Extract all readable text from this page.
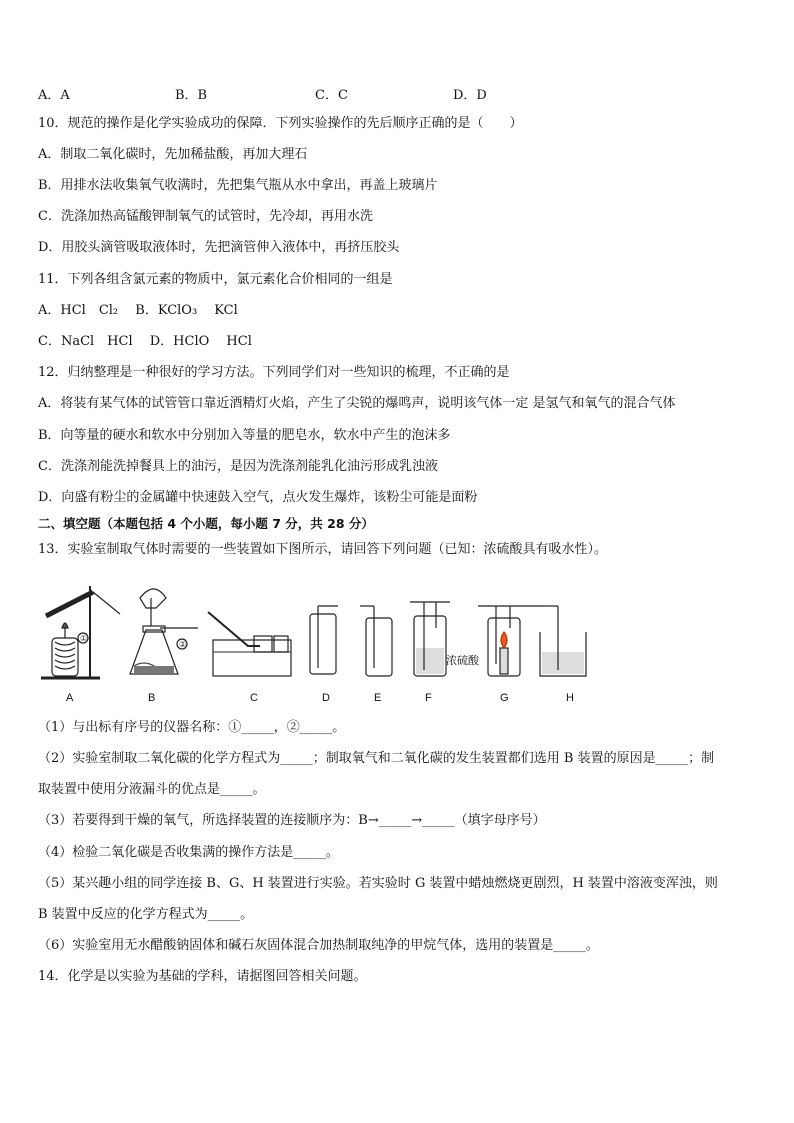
A．A	B．B	C．C	D．D
10．规范的操作是化学实验成功的保障．下列实验操作的先后顺序正确的是（　　）
A．制取二氧化碳时，先加稀盐酸，再加大理石
B．用排水法收集氧气收满时，先把集气瓶从水中拿出，再盖上玻璃片
C．洗涤加热高锰酸钾制氧气的试管时，先冷却，再用水洗
D．用胶头滴管吸取液体时，先把滴管伸入液体中，再挤压胶头
11．下列各组含氯元素的物质中，氯元素化合价相同的一组是
A．HCl　Cl₂　 B．KClO₃　 KCl
C．NaCl　HCl　 D．HClO　 HCl
12．归纳整理是一种很好的学习方法。下列同学们对一些知识的梳理，不正确的是
A．将装有某气体的试管管口靠近酒精灯火焰，产生了尖锐的爆鸣声，说明该气体一定 是氢气和氧气的混合气体
B．向等量的硬水和软水中分别加入等量的肥皂水，软水中产生的泡沫多
C．洗涤剂能洗掉餐具上的油污，是因为洗涤剂能乳化油污形成乳浊液
D．向盛有粉尘的金属罐中快速鼓入空气，点火发生爆炸，该粉尘可能是面粉
二、填空题（本题包括 4 个小题，每小题 7 分，共 28 分）
13．实验室制取气体时需要的一些装置如下图所示，请回答下列问题（已知：浓硫酸具有吸水性）。
①
②
浓硫酸
A	B	C	D	E	F	G	H
（1）与出标有序号的仪器名称：①_____，②_____。
（2）实验室制取二氧化碳的化学方程式为_____；制取氧气和二氧化碳的发生装置都们选用 B 装置的原因是_____；制
取装置中使用分液漏斗的优点是_____。
（3）若要得到干燥的氧气，所选择装置的连接顺序为：B→_____→_____（填字母序号）
（4）检验二氧化碳是否收集满的操作方法是_____。
（5）某兴趣小组的同学连接 B、G、H 装置进行实验。若实验时 G 装置中蜡烛燃烧更剧烈，H 装置中溶液变浑浊，则
B 装置中反应的化学方程式为_____。
（6）实验室用无水醋酸钠固体和碱石灰固体混合加热制取纯净的甲烷气体，选用的装置是_____。
14．化学是以实验为基础的学科，请据图回答相关问题。
